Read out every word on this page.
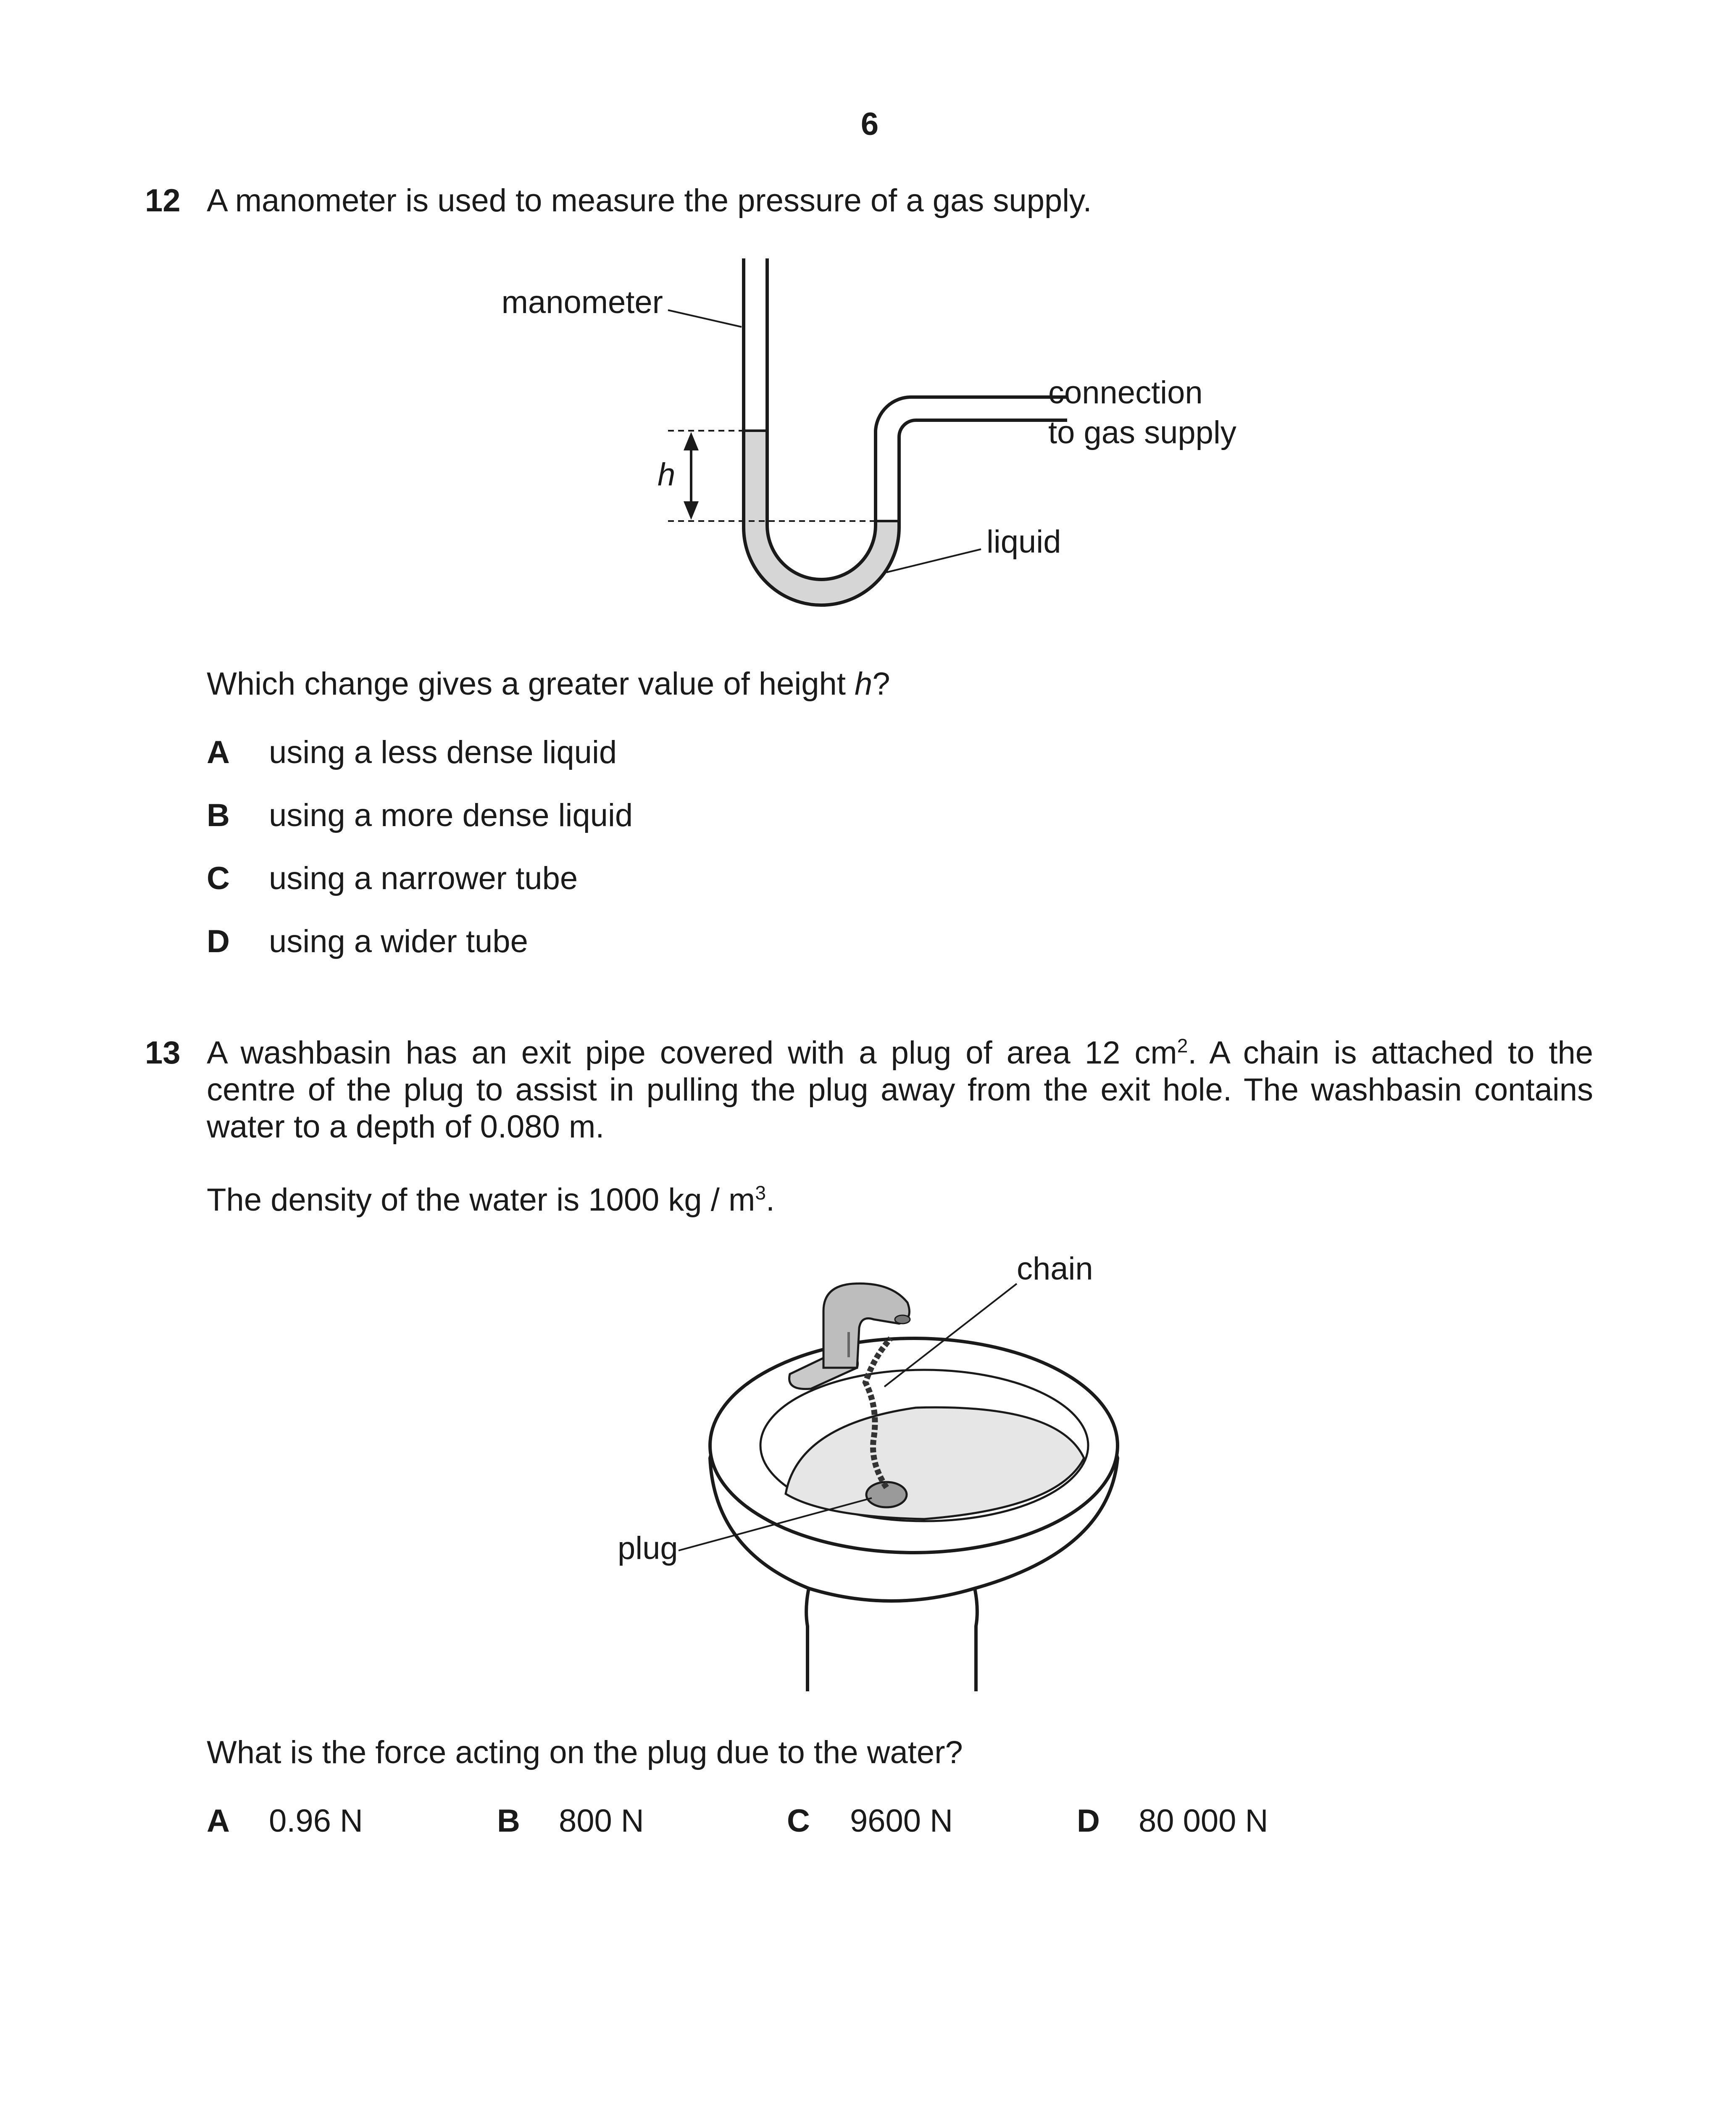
6
12 A manometer is used to measure the pressure of a gas supply.
manometer
connection
to gas supply
h
liquid
Which change gives a greater value of height h?
A using a less dense liquid
B using a more dense liquid
C using a narrower tube
D using a wider tube
13 A washbasin has an exit pipe covered with a plug of area 12 $cm^2$. A chain is attached to the
centre of the plug to assist in pulling the plug away from the exit hole. The washbasin contains
water to a depth of 0.080 m.
The density of the water is 1000 kg / $m^3$.
chain
plug
What is the force acting on the plug due to the water?
A 0.96 N	B 800 N	C 9600 N	D 80 000 N
